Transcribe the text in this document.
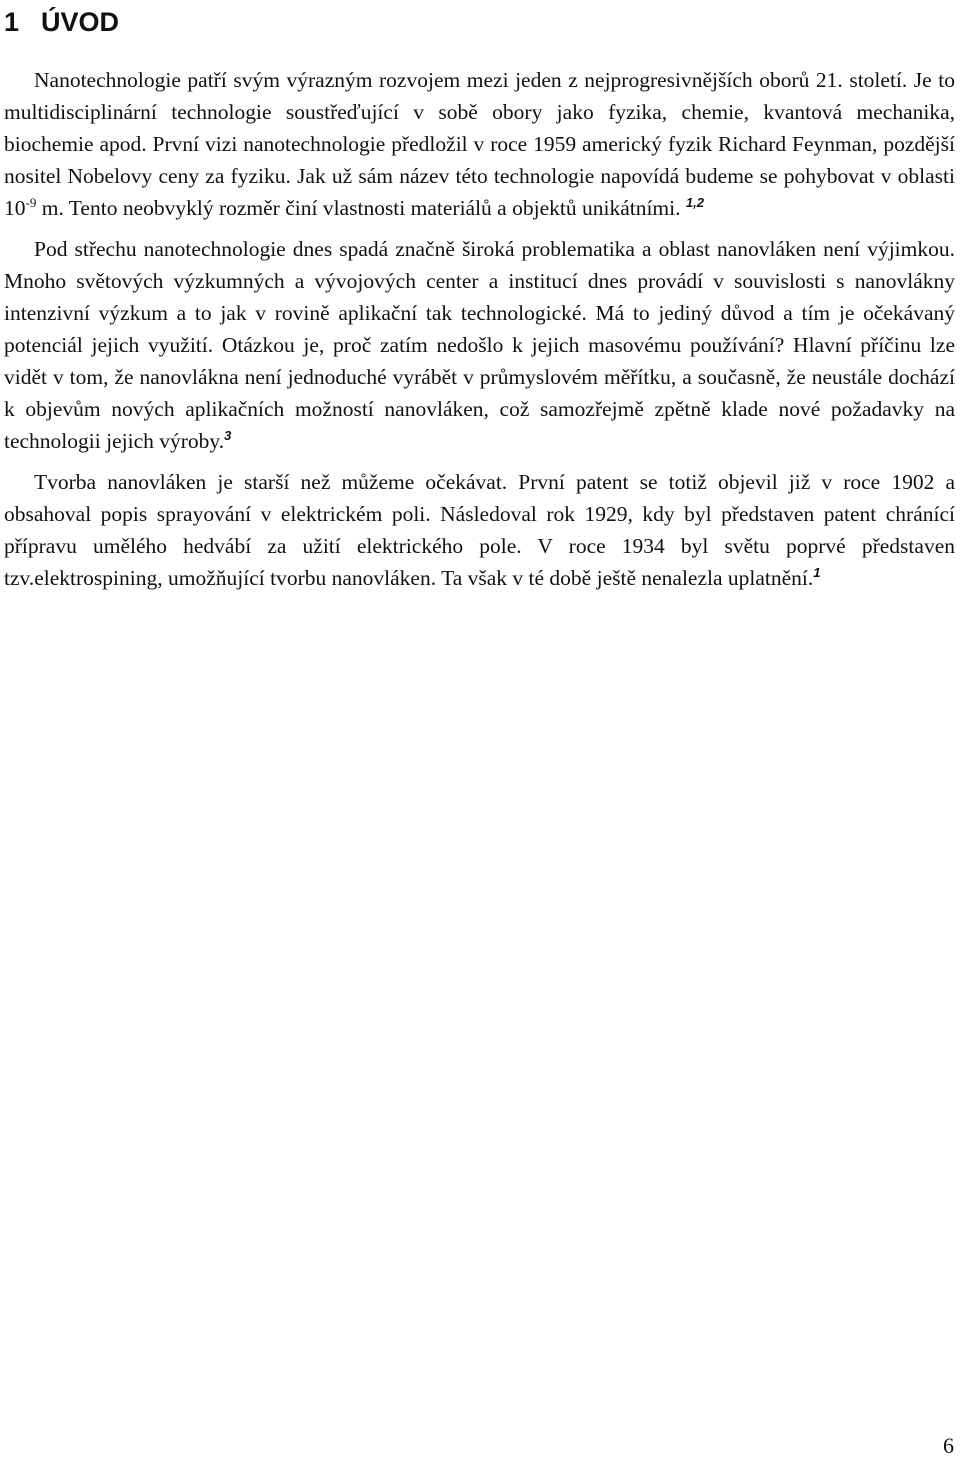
1 ÚVOD

Nanotechnologie patří svým výrazným rozvojem mezi jeden z nejprogresivnějších oborů 21. století. Je to multidisciplinární technologie soustřeďující v sobě obory jako fyzika, chemie, kvantová mechanika, biochemie apod. První vizi nanotechnologie předložil v roce 1959 americký fyzik Richard Feynman, pozdější nositel Nobelovy ceny za fyziku. Jak už sám název této technologie napovídá budeme se pohybovat v oblasti $10^{-9}$ m. Tento neobvyklý rozměr činí vlastnosti materiálů a objektů unikátními. $^{1,2}$

Pod střechu nanotechnologie dnes spadá značně široká problematika a oblast nanovláken není výjimkou. Mnoho světových výzkumných a vývojových center a institucí dnes provádí v souvislosti s nanovlákny intenzivní výzkum a to jak v rovině aplikační tak technologické. Má to jediný důvod a tím je očekávaný potenciál jejich využití. Otázkou je, proč zatím nedošlo k jejich masovému používání? Hlavní příčinu lze vidět v tom, že nanovlákna není jednoduché vyrábět v průmyslovém měřítku, a současně, že neustále dochází k objevům nových aplikačních možností nanovláken, což samozřejmě zpětně klade nové požadavky na technologii jejich výroby.$^3$

Tvorba nanovláken je starší než můžeme očekávat. První patent se totiž objevil již v roce 1902 a obsahoval popis sprayování v elektrickém poli. Následoval rok 1929, kdy byl představen patent chránící přípravu umělého hedvábí za užití elektrického pole. V roce 1934 byl světu poprvé představen tzv.elektrospining, umožňující tvorbu nanovláken. Ta však v té době ještě nenalezla uplatnění.$^1$

6
